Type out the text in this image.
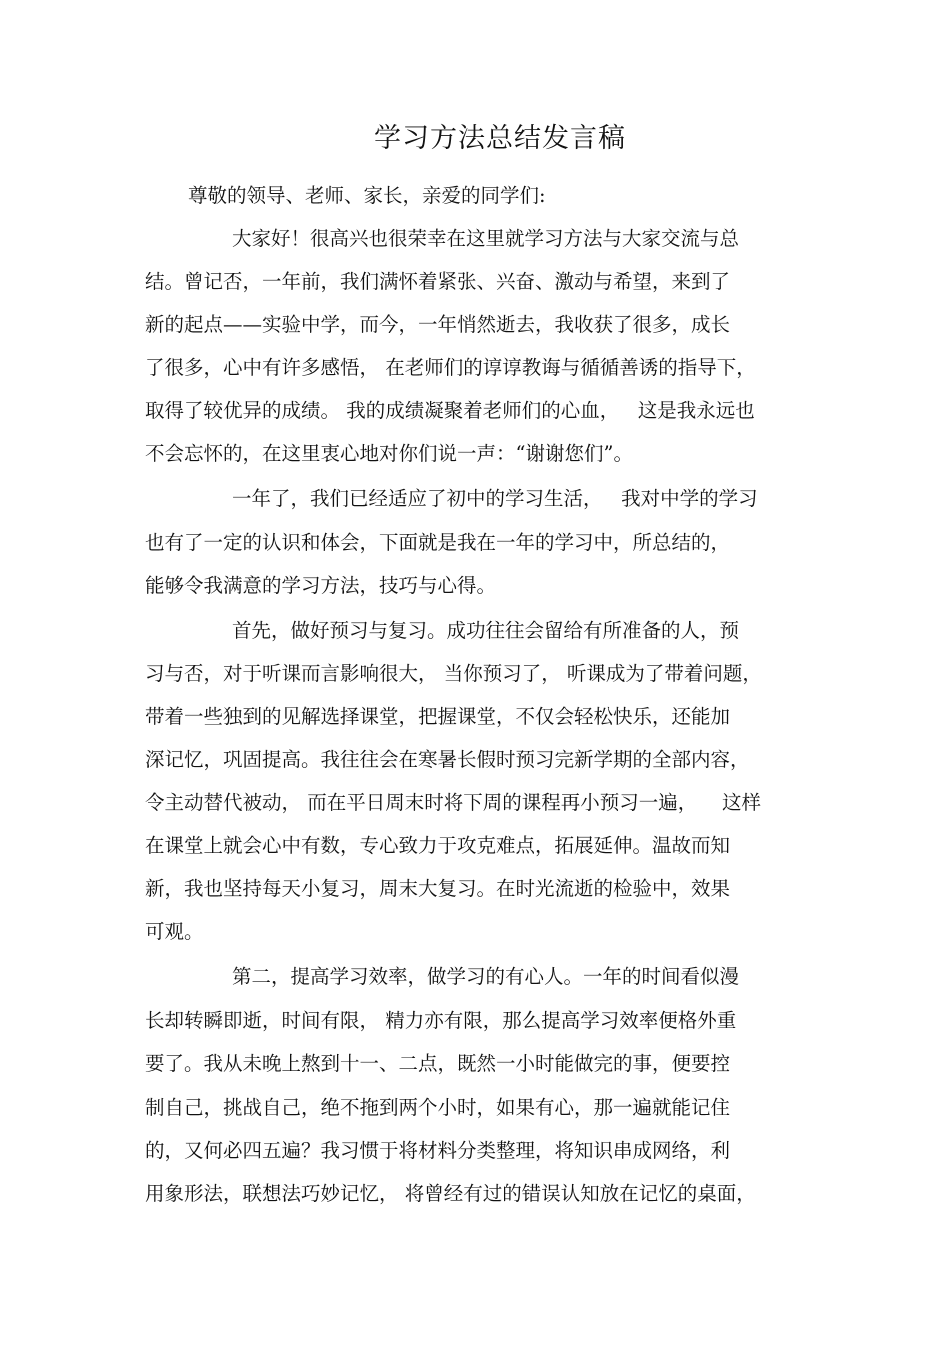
学习方法总结发言稿
尊敬的领导、老师、家长，亲爱的同学们:
大家好！很高兴也很荣幸在这里就学习方法与大家交流与总
结。曾记否，一年前，我们满怀着紧张、兴奋、激动与希望，来到了
新的起点——实验中学，而今，一年悄然逝去，我收获了很多，成长
了很多，心中有许多感悟， 在老师们的谆谆教诲与循循善诱的指导下，
取得了较优异的成绩。 我的成绩凝聚着老师们的心血，   这是我永远也
不会忘怀的，在这里衷心地对你们说一声：“谢谢您们”。
一年了，我们已经适应了初中的学习生活，   我对中学的学习
也有了一定的认识和体会，下面就是我在一年的学习中，所总结的，
能够令我满意的学习方法，技巧与心得。
首先，做好预习与复习。成功往往会留给有所准备的人，预
习与否，对于听课而言影响很大， 当你预习了， 听课成为了带着问题，
带着一些独到的见解选择课堂，把握课堂，不仅会轻松快乐，还能加
深记忆，巩固提高。我往往会在寒暑长假时预习完新学期的全部内容，
令主动替代被动， 而在平日周末时将下周的课程再小预习一遍，    这样
在课堂上就会心中有数，专心致力于攻克难点，拓展延伸。温故而知
新，我也坚持每天小复习，周末大复习。在时光流逝的检验中，效果
可观。
第二，提高学习效率，做学习的有心人。一年的时间看似漫
长却转瞬即逝，时间有限， 精力亦有限，那么提高学习效率便格外重
要了。我从未晚上熬到十一、二点，既然一小时能做完的事，便要控
制自己，挑战自己，绝不拖到两个小时，如果有心，那一遍就能记住
的，又何必四五遍？我习惯于将材料分类整理，将知识串成网络，利
用象形法，联想法巧妙记忆， 将曾经有过的错误认知放在记忆的桌面，
